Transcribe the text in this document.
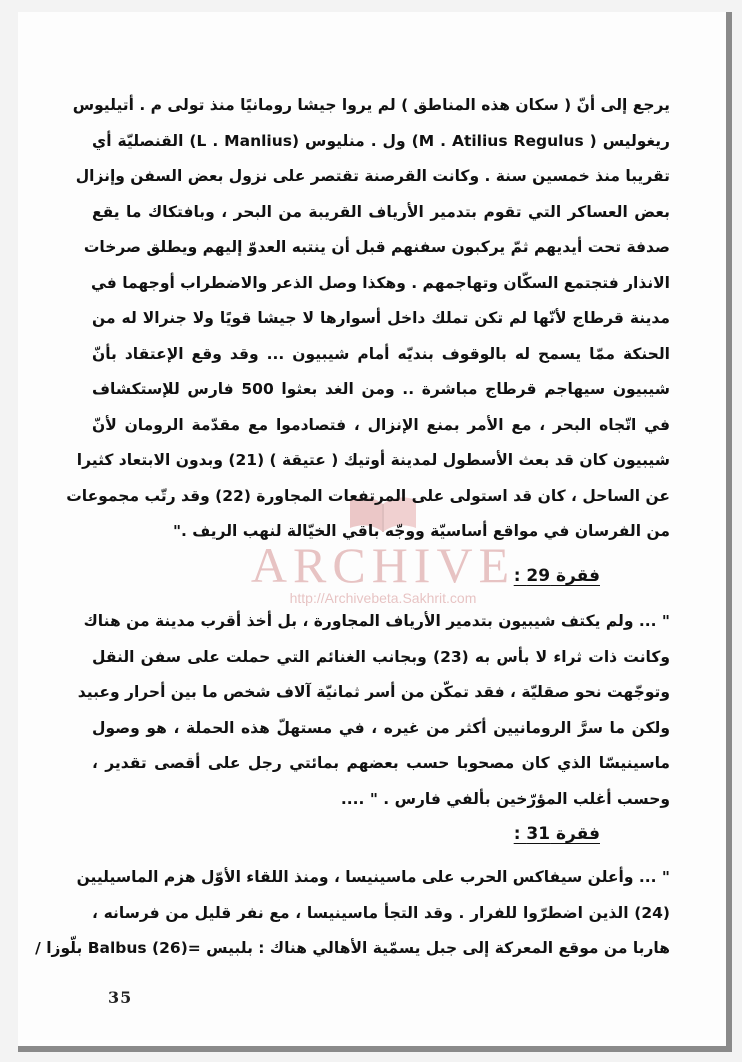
ARCHIVE
http://Archivebeta.Sakhrit.com
يرجع إلى أنّ ( سكان هذه المناطق ) لم يروا جيشا رومانيًا منذ تولى م . أتيليوس
ريغوليس ( M . Atilius Regulus) ول . منليوس (L . Manlius) القنصليّة أي
تقريبا منذ خمسين سنة . وكانت القرصنة تقتصر على نزول بعض السفن وإنزال
بعض العساكر التي تقوم بتدمير الأرياف القريبة من البحر ، وبافتكاك ما يقع
صدفة تحت أيديهم ثمّ يركبون سفنهم قبل أن ينتبه العدوّ إليهم ويطلق صرخات
الانذار فتجتمع السكّان وتهاجمهم . وهكذا وصل الذعر والاضطراب أوجهما في
مدينة قرطاج لأنّها لم تكن تملك داخل أسوارها لا جيشا قويًا ولا جنرالا له من
الحنكة ممّا يسمح له بالوقوف بنديّه أمام شيبيون ... وقد وقع الإعتقاد بأنّ
شيبيون سيهاجم قرطاج مباشرة .. ومن الغد بعثوا 500 فارس للإستكشاف
في اتّجاه البحر ، مع الأمر بمنع الإنزال ، فتصادموا مع مقدّمة الرومان لأنّ
شيبيون كان قد بعث الأسطول لمدينة أوتيك ( عتيقة ) (21) وبدون الابتعاد كثيرا
عن الساحل ، كان قد استولى على المرتفعات المجاورة (22) وقد رتّب مجموعات
من الفرسان في مواقع أساسيّة ووجّه باقي الخيّالة لنهب الريف ."
فقرة 29 :
" ... ولم يكتف شيبيون بتدمير الأرياف المجاورة ، بل أخذ أقرب مدينة من هناك
وكانت ذات ثراء لا بأس به (23) وبجانب الغنائم التي حملت على سفن النقل
وتوجّهت نحو صقليّة ، فقد تمكّن من أسر ثمانيّة آلاف شخص ما بين أحرار وعبيد
ولكن ما سرَّ الرومانيين أكثر من غيره ، في مستهلّ هذه الحملة ، هو وصول
ماسينيسّا الذي كان مصحوبا حسب بعضهم بمائتي رجل على أقصى تقدير ،
وحسب أغلب المؤرّخين بألفي فارس . " ....
فقرة 31 :
" ... وأعلن سيفاكس الحرب على ماسينيسا ، ومنذ اللقاء الأوّل هزم الماسيليين
(24) الذين اضطرّوا للفرار . وقد التجأ ماسينيسا ، مع نفر قليل من فرسانه ،
هاربا من موقع المعركة إلى جبل يسمّية الأهالي هناك : بلبيس =Balbus (26) بلّوزا /
35
